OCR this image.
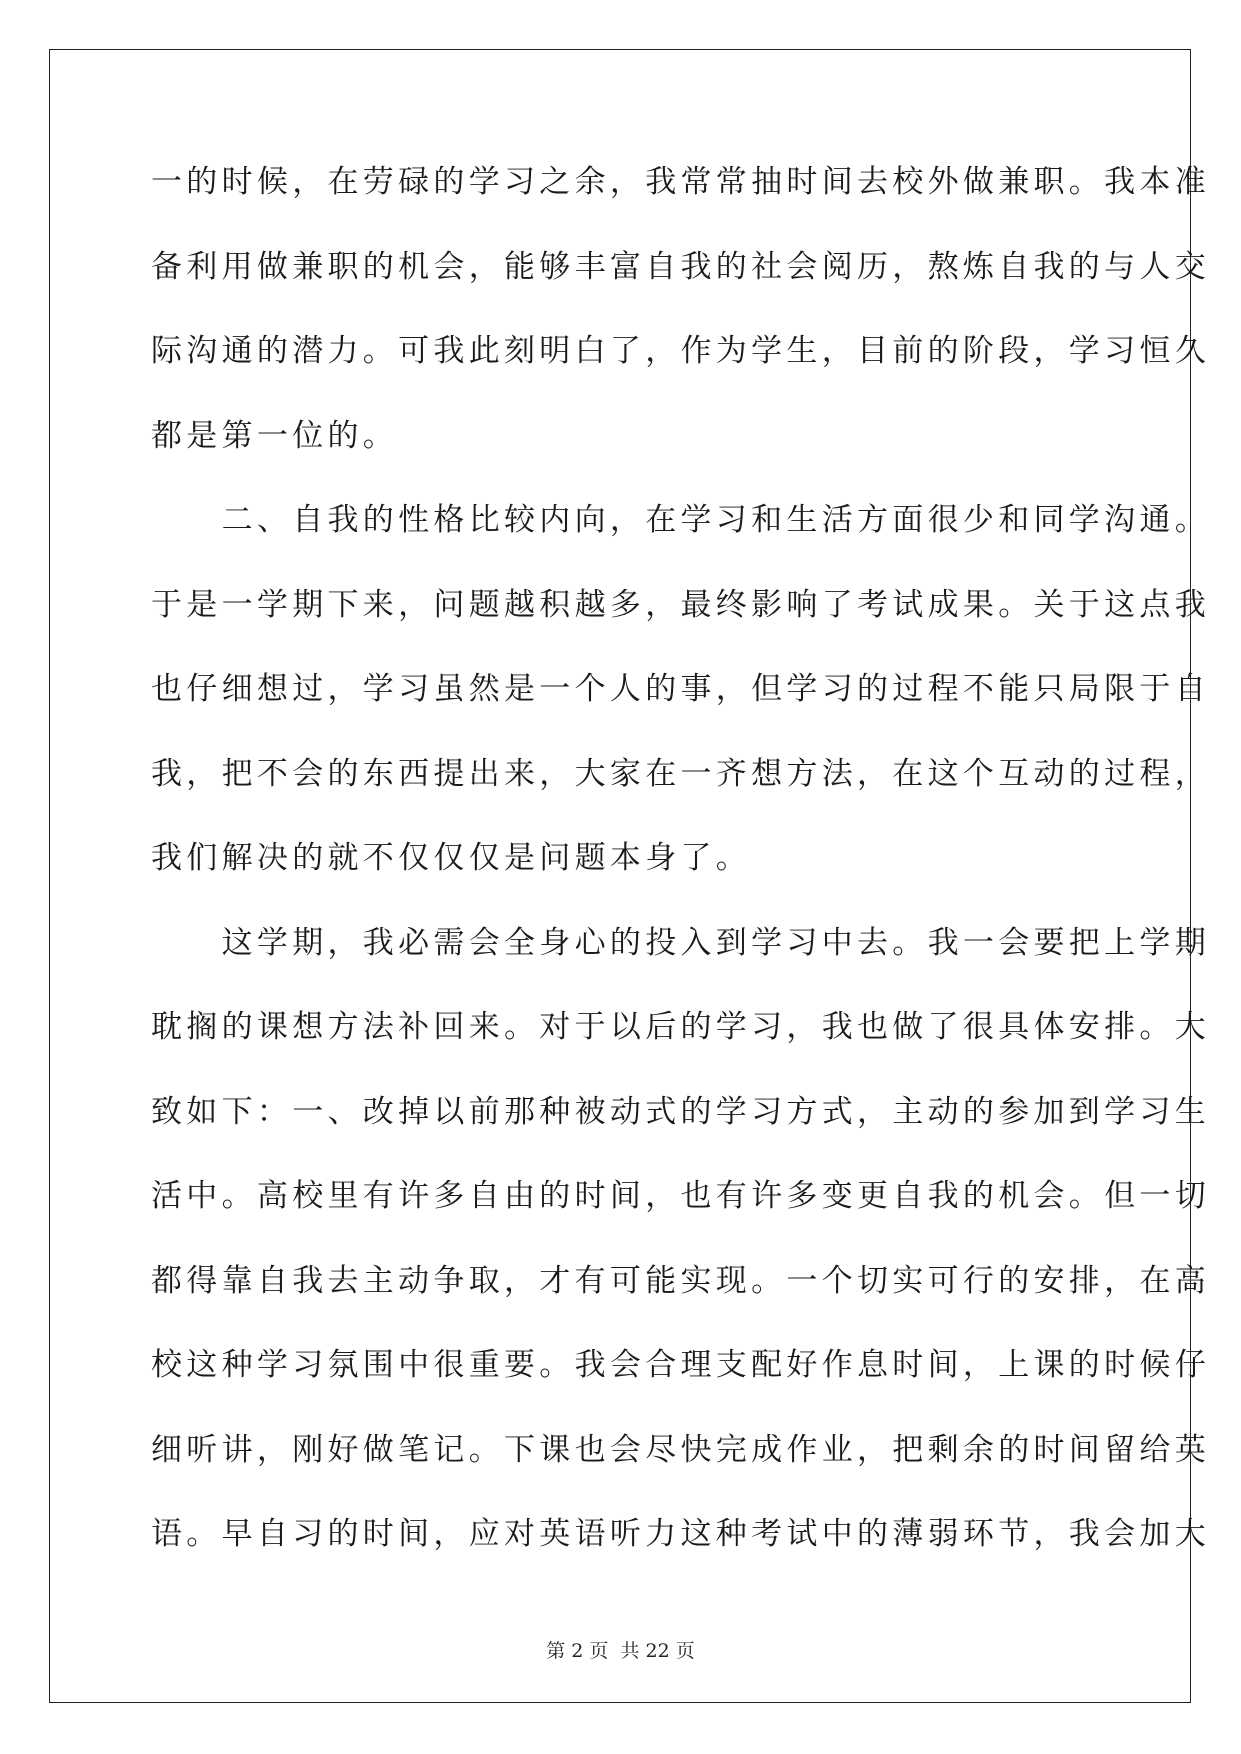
一的时候，在劳碌的学习之余，我常常抽时间去校外做兼职。我本准
备利用做兼职的机会，能够丰富自我的社会阅历，熬炼自我的与人交
际沟通的潜力。可我此刻明白了，作为学生，目前的阶段，学习恒久
都是第一位的。
　　二、自我的性格比较内向，在学习和生活方面很少和同学沟通。
于是一学期下来，问题越积越多，最终影响了考试成果。关于这点我
也仔细想过，学习虽然是一个人的事，但学习的过程不能只局限于自
我，把不会的东西提出来，大家在一齐想方法，在这个互动的过程，
我们解决的就不仅仅仅是问题本身了。
　　这学期，我必需会全身心的投入到学习中去。我一会要把上学期
耽搁的课想方法补回来。对于以后的学习，我也做了很具体安排。大
致如下：一、改掉以前那种被动式的学习方式，主动的参加到学习生
活中。高校里有许多自由的时间，也有许多变更自我的机会。但一切
都得靠自我去主动争取，才有可能实现。一个切实可行的安排，在高
校这种学习氛围中很重要。我会合理支配好作息时间，上课的时候仔
细听讲，刚好做笔记。下课也会尽快完成作业，把剩余的时间留给英
语。早自习的时间，应对英语听力这种考试中的薄弱环节，我会加大
第 2 页 共 22 页
